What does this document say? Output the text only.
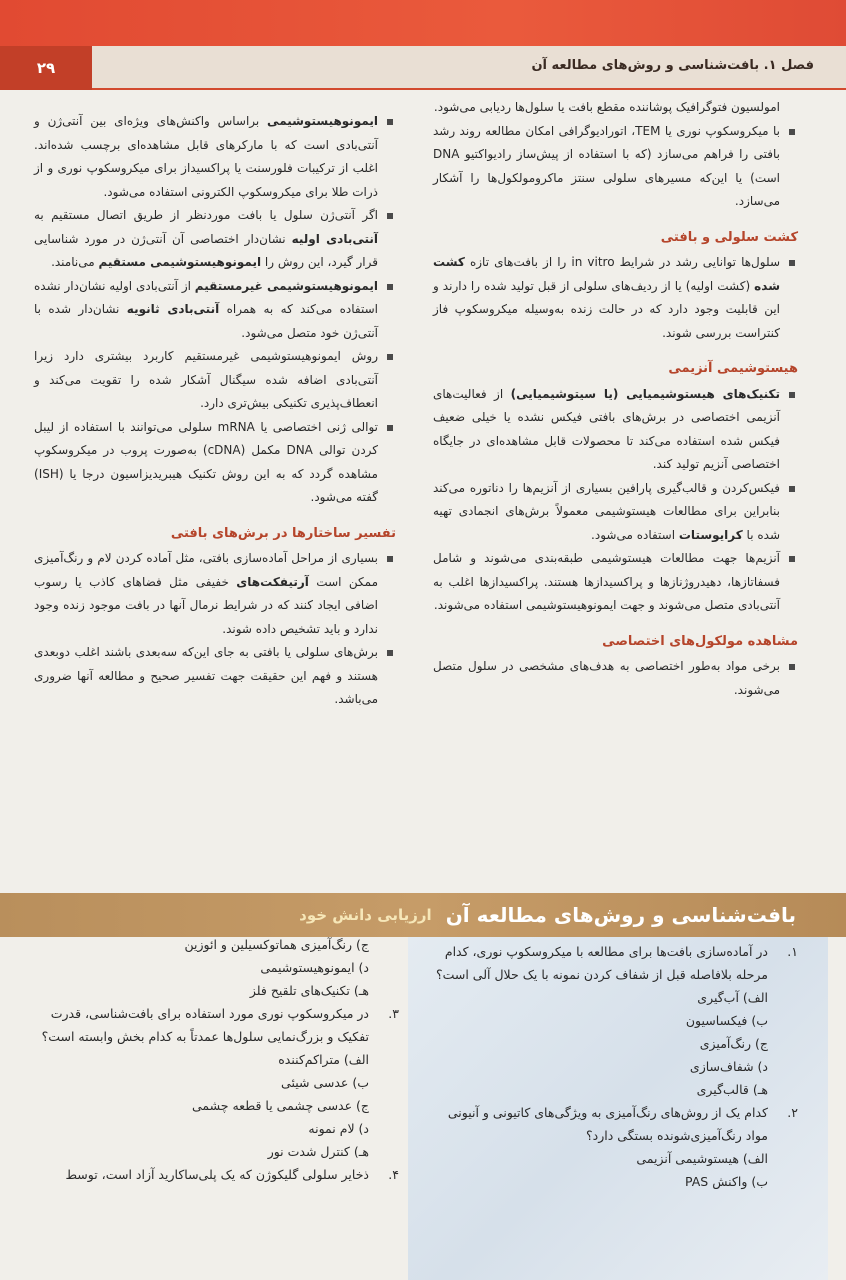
۲۹	فصل ۱. بافت‌شناسی و روش‌های مطالعه آن

امولسیون فتوگرافیک پوشاننده مقطع بافت یا سلول‌ها ردیابی می‌شود.

با میکروسکوپ نوری یا TEM، اتورادیوگرافی امکان مطالعه روند رشد بافتی را فراهم می‌سازد (که با استفاده از پیش‌ساز رادیواکتیو DNA است) یا این‌که مسیرهای سلولی سنتز ماکرومولکول‌ها را آشکار می‌سازد.

کشت سلولی و بافتی

سلول‌ها توانایی رشد در شرایط in vitro را از بافت‌های تازه کشت شده (کشت اولیه) یا از ردیف‌های سلولی از قبل تولید شده را دارند و این قابلیت وجود دارد که در حالت زنده به‌وسیله میکروسکوپ فاز کنتراست بررسی شوند.

هیستوشیمی آنزیمی

تکنیک‌های هیستوشیمیایی (یا سیتوشیمیایی) از فعالیت‌های آنزیمی اختصاصی در برش‌های بافتی فیکس نشده یا خیلی ضعیف فیکس شده استفاده می‌کند تا محصولات قابل مشاهده‌ای در جایگاه اختصاصی آنزیم تولید کند.

فیکس‌کردن و قالب‌گیری پارافین بسیاری از آنزیم‌ها را دناتوره می‌کند بنابراین برای مطالعات هیستوشیمی معمولاً برش‌های انجمادی تهیه شده با کرایوستات استفاده می‌شود.

آنزیم‌ها جهت مطالعات هیستوشیمی طبقه‌بندی می‌شوند و شامل فسفاتازها، دهیدروژنازها و پراکسیدازها هستند. پراکسیدازها اغلب به آنتی‌بادی متصل می‌شوند و جهت ایمونوهیستوشیمی استفاده می‌شوند.

مشاهده مولکول‌های اختصاصی

برخی مواد به‌طور اختصاصی به هدف‌های مشخصی در سلول متصل می‌شوند.

ایمونوهیستوشیمی براساس واکنش‌های ویژه‌ای بین آنتی‌ژن و آنتی‌بادی است که با مارکرهای قابل مشاهده‌ای برچسب شده‌اند. اغلب از ترکیبات فلورسنت یا پراکسیداز برای میکروسکوپ نوری و از ذرات طلا برای میکروسکوپ الکترونی استفاده می‌شود.

اگر آنتی‌ژن سلول یا بافت موردنظر از طریق اتصال مستقیم به آنتی‌بادی اولیه نشان‌دار اختصاصی آن آنتی‌ژن در مورد شناسایی قرار گیرد، این روش را ایمونوهیستوشیمی مستقیم می‌نامند.

ایمونوهیستوشیمی غیرمستقیم از آنتی‌بادی اولیه نشان‌دار نشده استفاده می‌کند که به همراه آنتی‌بادی ثانویه نشان‌دار شده با آنتی‌ژن خود متصل می‌شود.

روش ایمونوهیستوشیمی غیرمستقیم کاربرد بیشتری دارد زیرا آنتی‌بادی اضافه شده سیگنال آشکار شده را تقویت می‌کند و انعطاف‌پذیری تکنیکی بیش‌تری دارد.

توالی ژنی اختصاصی یا mRNA سلولی می‌توانند با استفاده از لیبل کردن توالی DNA مکمل (cDNA) به‌صورت پروب در میکروسکوپ مشاهده گردد که به این روش تکنیک هیبریدیزاسیون درجا یا (ISH) گفته می‌شود.

تفسیر ساختارها در برش‌های بافتی

بسیاری از مراحل آماده‌سازی بافتی، مثل آماده کردن لام و رنگ‌آمیزی ممکن است آرتیفکت‌های خفیفی مثل فضاهای کاذب یا رسوب اضافی ایجاد کنند که در شرایط نرمال آنها در بافت موجود زنده وجود ندارد و باید تشخیص داده شوند.

برش‌های سلولی یا بافتی به جای این‌که سه‌بعدی باشند اغلب دوبعدی هستند و فهم این حقیقت جهت تفسیر صحیح و مطالعه آنها ضروری می‌باشد.

بافت‌شناسی و روش‌های مطالعه آن
ارزیابی دانش خود
۱.
در آماده‌سازی بافت‌ها برای مطالعه با میکروسکوپ نوری، کدام مرحله بلافاصله قبل از شفاف کردن نمونه با یک حلال آلی است؟
الف) آب‌گیری
ب) فیکساسیون
ج) رنگ‌آمیزی
د) شفاف‌سازی
هـ) قالب‌گیری
۲.
کدام یک از روش‌های رنگ‌آمیزی به ویژگی‌های کاتیونی و آنیونی مواد رنگ‌آمیزی‌شونده بستگی دارد؟
الف) هیستوشیمی آنزیمی
ب) واکنش PAS
ج) رنگ‌آمیزی هماتوکسیلین و ائوزین
د) ایمونوهیستوشیمی
هـ) تکنیک‌های تلقیح فلز
۳.
در میکروسکوپ نوری مورد استفاده برای بافت‌شناسی، قدرت تفکیک و بزرگ‌نمایی سلول‌ها عمدتاً به کدام بخش وابسته است؟
الف) متراکم‌کننده
ب) عدسی شیئی
ج) عدسی چشمی یا قطعه چشمی
د) لام نمونه
هـ) کنترل شدت نور
۴.
ذخایر سلولی گلیکوژن که یک پلی‌ساکارید آزاد است، توسط
